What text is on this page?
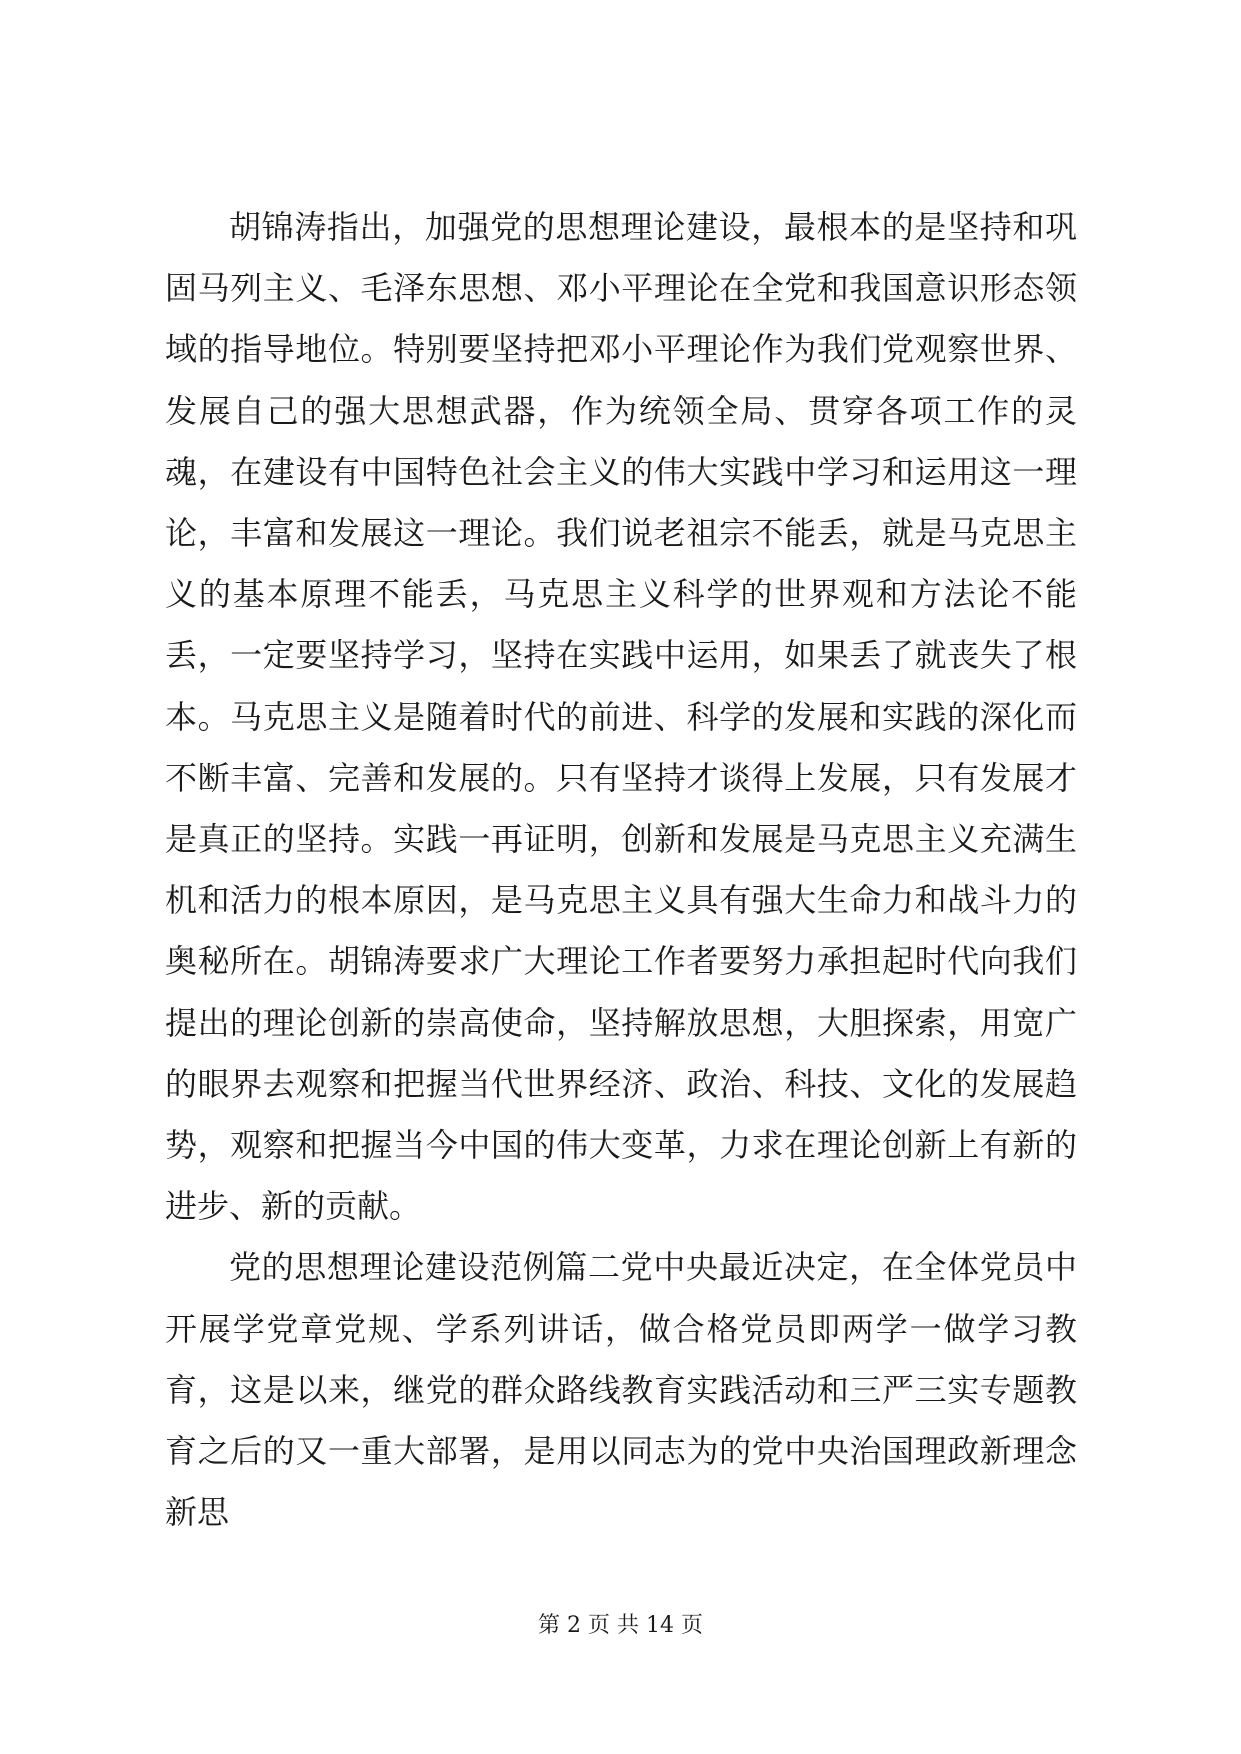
胡锦涛指出，加强党的思想理论建设，最根本的是坚持和巩固马列主义、毛泽东思想、邓小平理论在全党和我国意识形态领域的指导地位。特别要坚持把邓小平理论作为我们党观察世界、发展自己的强大思想武器，作为统领全局、贯穿各项工作的灵魂，在建设有中国特色社会主义的伟大实践中学习和运用这一理论，丰富和发展这一理论。我们说老祖宗不能丢，就是马克思主义的基本原理不能丢，马克思主义科学的世界观和方法论不能丢，一定要坚持学习，坚持在实践中运用，如果丢了就丧失了根本。马克思主义是随着时代的前进、科学的发展和实践的深化而不断丰富、完善和发展的。只有坚持才谈得上发展，只有发展才是真正的坚持。实践一再证明，创新和发展是马克思主义充满生机和活力的根本原因，是马克思主义具有强大生命力和战斗力的奥秘所在。胡锦涛要求广大理论工作者要努力承担起时代向我们提出的理论创新的崇高使命，坚持解放思想，大胆探索，用宽广的眼界去观察和把握当代世界经济、政治、科技、文化的发展趋势，观察和把握当今中国的伟大变革，力求在理论创新上有新的进步、新的贡献。

党的思想理论建设范例篇二党中央最近决定，在全体党员中开展学党章党规、学系列讲话，做合格党员即两学一做学习教育，这是以来，继党的群众路线教育实践活动和三严三实专题教育之后的又一重大部署，是用以同志为的党中央治国理政新理念新思

第 2 页 共 14 页
